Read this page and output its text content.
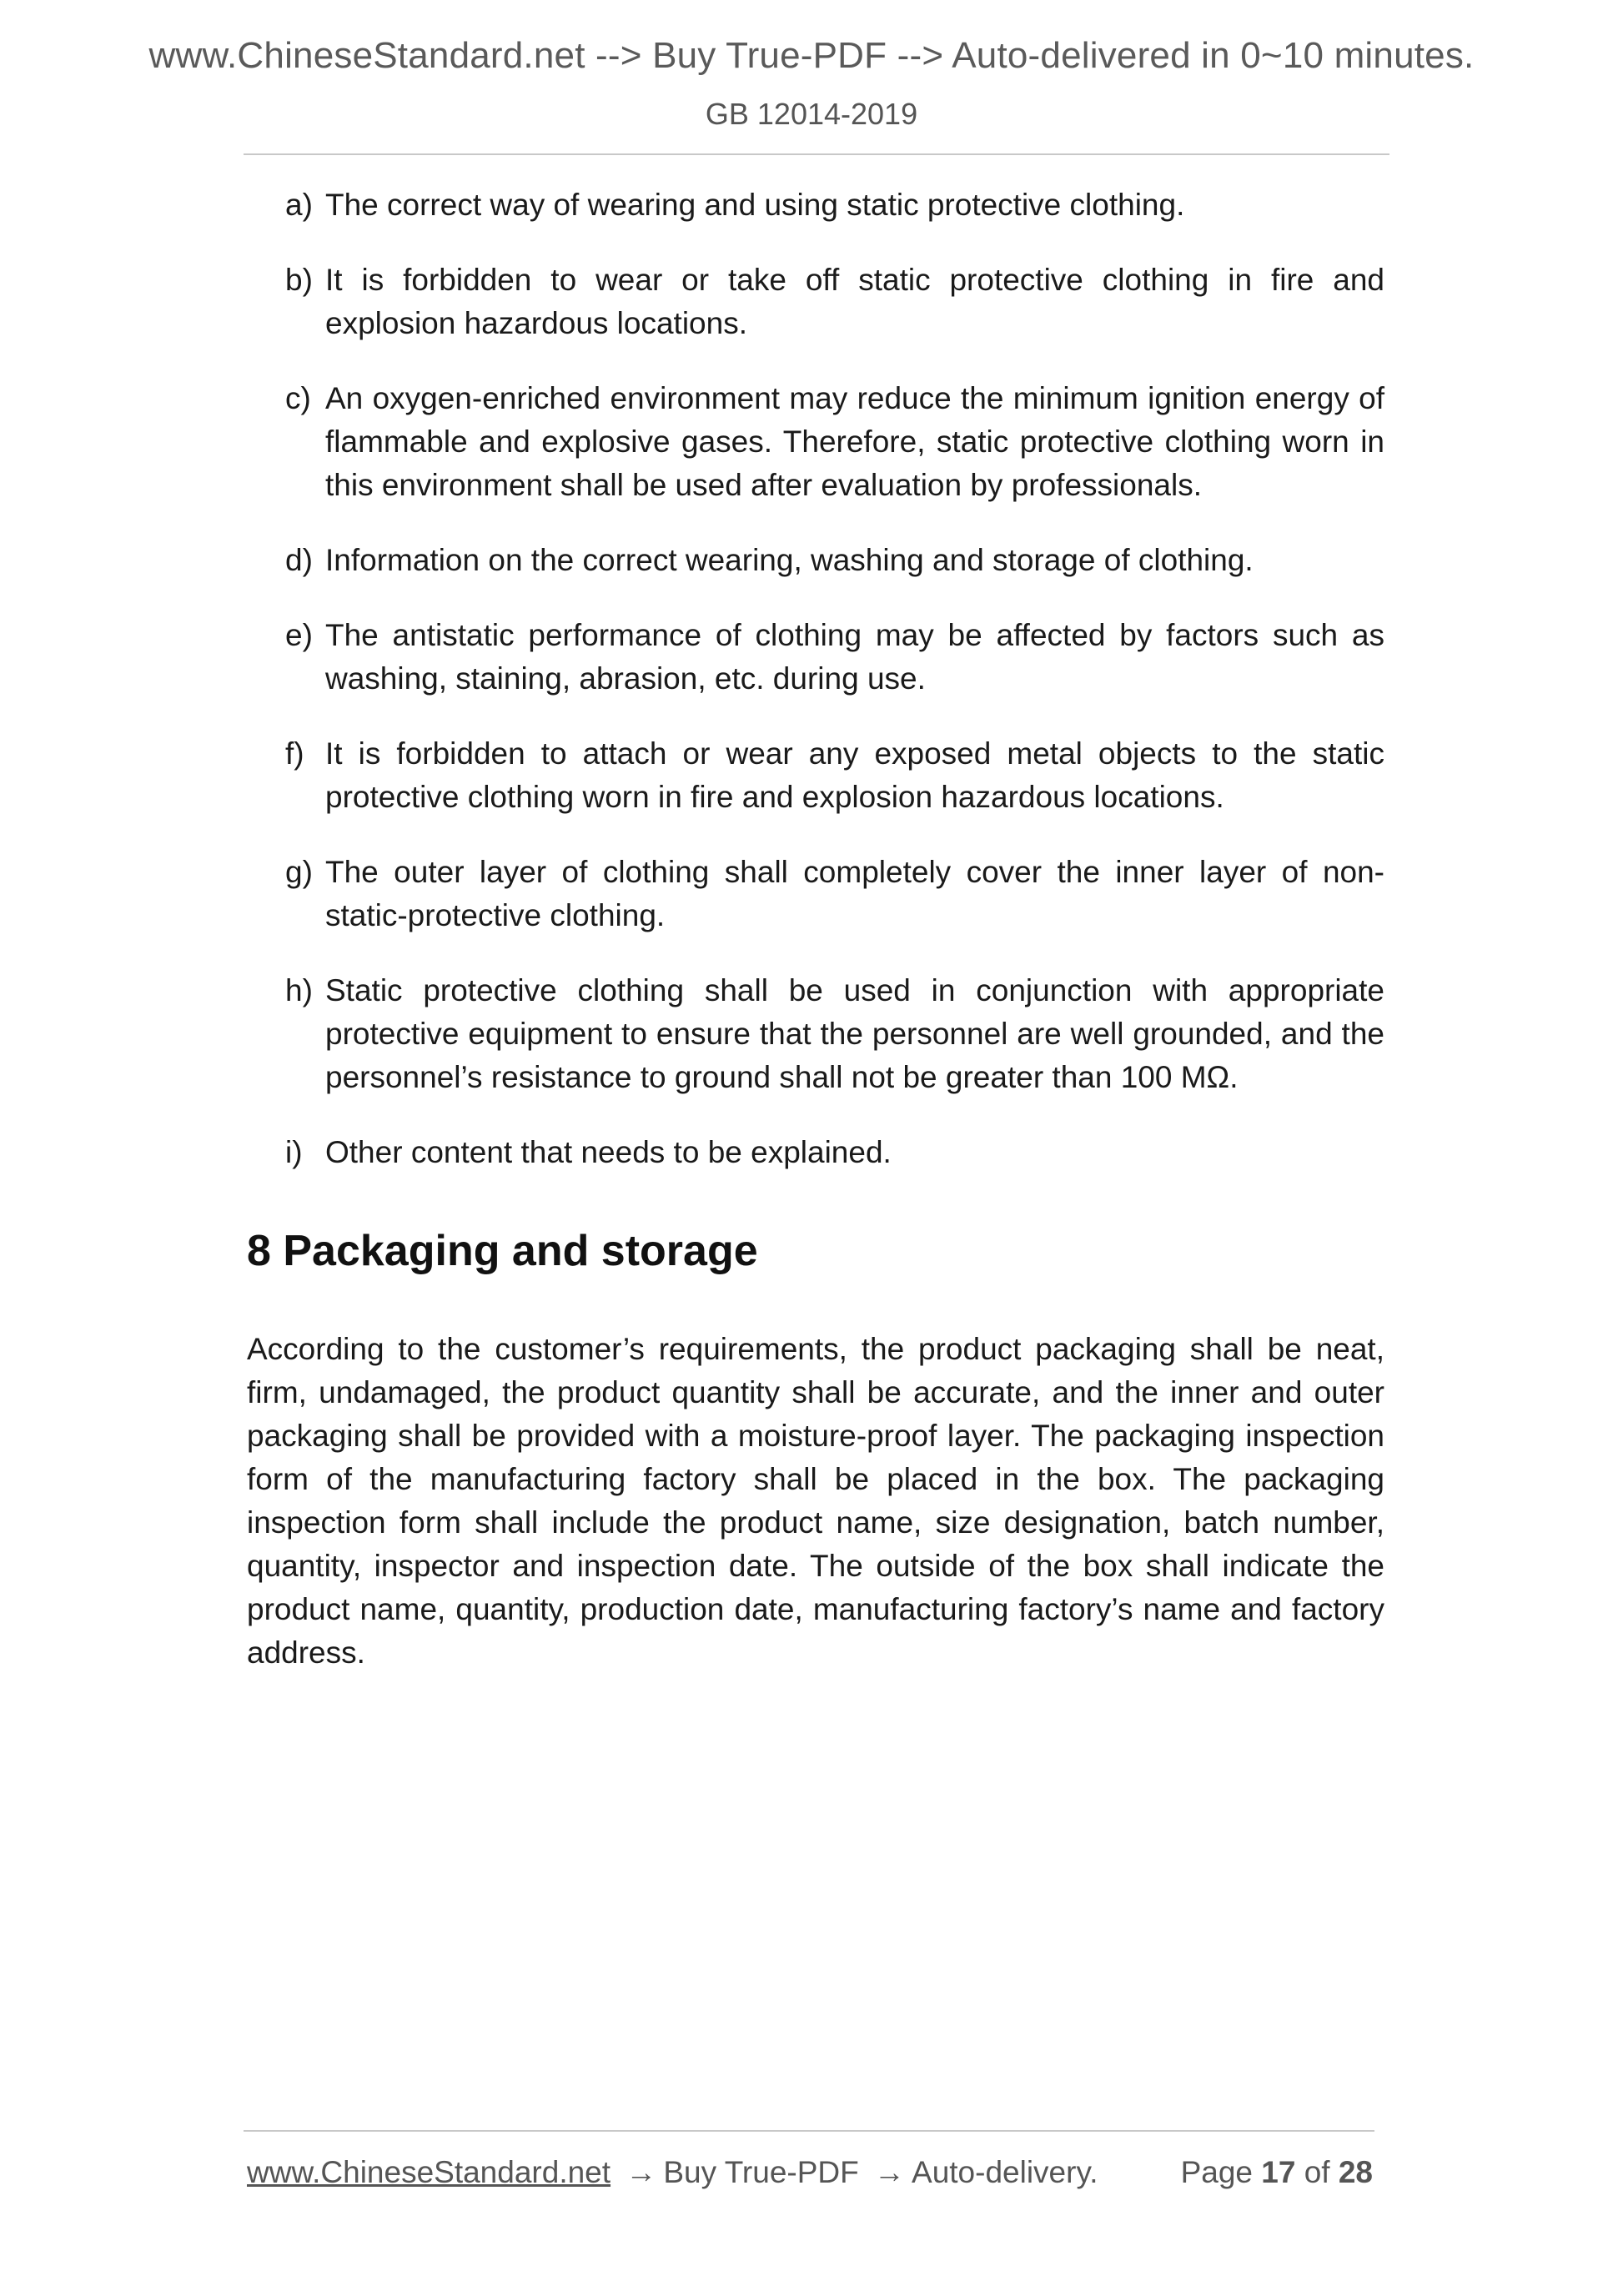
www.ChineseStandard.net --> Buy True-PDF --> Auto-delivered in 0~10 minutes.
GB 12014-2019
a) The correct way of wearing and using static protective clothing.
b) It is forbidden to wear or take off static protective clothing in fire and explosion hazardous locations.
c) An oxygen-enriched environment may reduce the minimum ignition energy of flammable and explosive gases. Therefore, static protective clothing worn in this environment shall be used after evaluation by professionals.
d) Information on the correct wearing, washing and storage of clothing.
e) The antistatic performance of clothing may be affected by factors such as washing, staining, abrasion, etc. during use.
f) It is forbidden to attach or wear any exposed metal objects to the static protective clothing worn in fire and explosion hazardous locations.
g) The outer layer of clothing shall completely cover the inner layer of non-static-protective clothing.
h) Static protective clothing shall be used in conjunction with appropriate protective equipment to ensure that the personnel are well grounded, and the personnel’s resistance to ground shall not be greater than 100 MΩ.
i) Other content that needs to be explained.
8 Packaging and storage
According to the customer’s requirements, the product packaging shall be neat, firm, undamaged, the product quantity shall be accurate, and the inner and outer packaging shall be provided with a moisture-proof layer. The packaging inspection form of the manufacturing factory shall be placed in the box. The packaging inspection form shall include the product name, size designation, batch number, quantity, inspector and inspection date. The outside of the box shall indicate the product name, quantity, production date, manufacturing factory’s name and factory address.
www.ChineseStandard.net → Buy True-PDF → Auto-delivery.	Page 17 of 28
